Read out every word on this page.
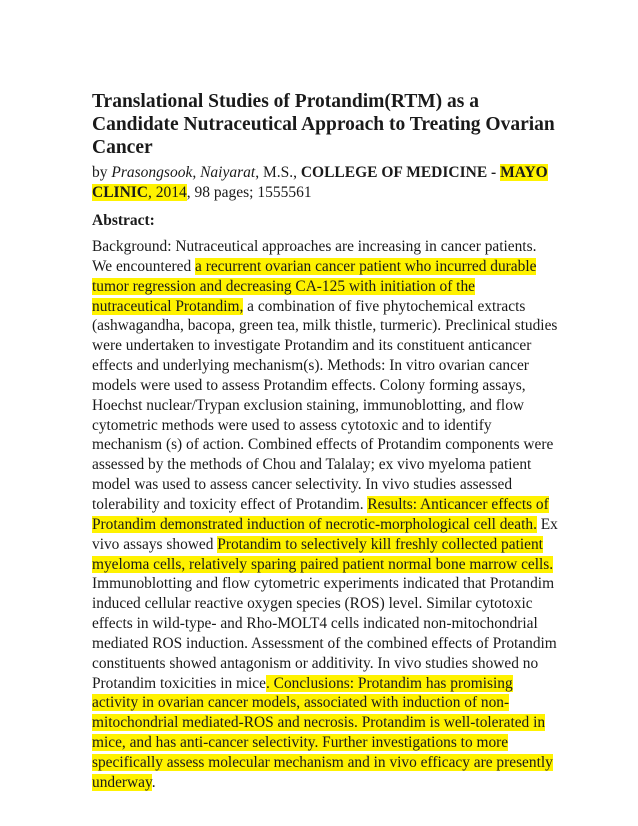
Translational Studies of Protandim(RTM) as a Candidate Nutraceutical Approach to Treating Ovarian Cancer

by Prasongsook, Naiyarat, M.S., COLLEGE OF MEDICINE - MAYO CLINIC, 2014, 98 pages; 1555561

Abstract:

Background: Nutraceutical approaches are increasing in cancer patients. We encountered a recurrent ovarian cancer patient who incurred durable tumor regression and decreasing CA-125 with initiation of the nutraceutical Protandim, a combination of five phytochemical extracts (ashwagandha, bacopa, green tea, milk thistle, turmeric). Preclinical studies were undertaken to investigate Protandim and its constituent anticancer effects and underlying mechanism(s). Methods: In vitro ovarian cancer models were used to assess Protandim effects. Colony forming assays, Hoechst nuclear/Trypan exclusion staining, immunoblotting, and flow cytometric methods were used to assess cytotoxic and to identify mechanism (s) of action. Combined effects of Protandim components were assessed by the methods of Chou and Talalay; ex vivo myeloma patient model was used to assess cancer selectivity. In vivo studies assessed tolerability and toxicity effect of Protandim. Results: Anticancer effects of Protandim demonstrated induction of necrotic-morphological cell death. Ex vivo assays showed Protandim to selectively kill freshly collected patient myeloma cells, relatively sparing paired patient normal bone marrow cells. Immunoblotting and flow cytometric experiments indicated that Protandim induced cellular reactive oxygen species (ROS) level. Similar cytotoxic effects in wild-type- and Rho-MOLT4 cells indicated non-mitochondrial mediated ROS induction. Assessment of the combined effects of Protandim constituents showed antagonism or additivity. In vivo studies showed no Protandim toxicities in mice. Conclusions: Protandim has promising activity in ovarian cancer models, associated with induction of non-mitochondrial mediated-ROS and necrosis. Protandim is well-tolerated in mice, and has anti-cancer selectivity. Further investigations to more specifically assess molecular mechanism and in vivo efficacy are presently underway.
